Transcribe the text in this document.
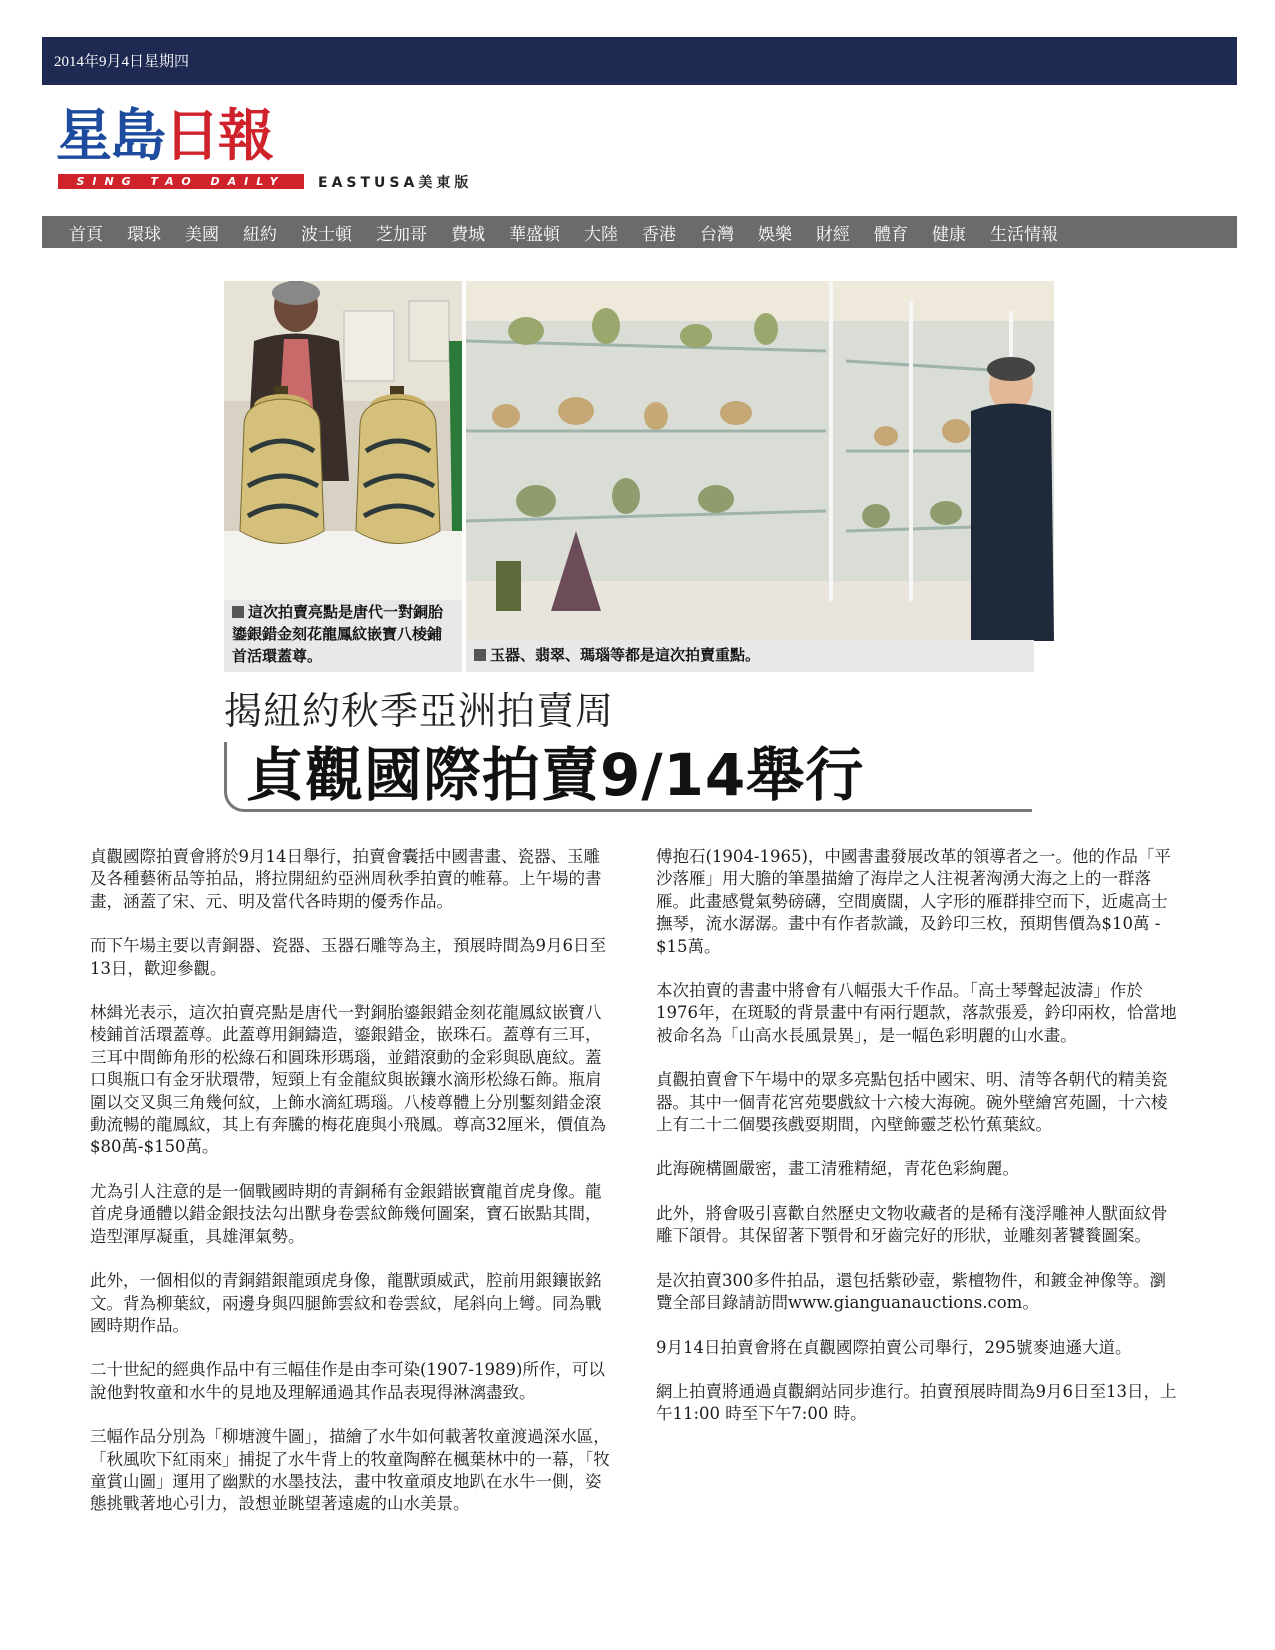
2014年9月4日星期四
星島 日報
SING TAO DAILY	EASTUSA美東版
首頁 環球 美國 紐約 波士頓 芝加哥 費城 華盛頓 大陸 香港 台灣 娛樂 財經 體育 健康 生活情報
這次拍賣亮點是唐代一對銅胎鎏銀錯金刻花龍鳳紋嵌寶八棱鋪首活環蓋尊。	玉器、翡翠、瑪瑙等都是這次拍賣重點。
揭紐約秋季亞洲拍賣周
貞觀國際拍賣9/14舉行

貞觀國際拍賣會將於9月14日舉行，拍賣會囊括中國書畫、瓷器、玉雕及各種藝術品等拍品，將拉開紐約亞洲周秋季拍賣的帷幕。上午場的書畫，涵蓋了宋、元、明及當代各時期的優秀作品。

而下午場主要以青銅器、瓷器、玉器石雕等為主，預展時間為9月6日至13日，歡迎參觀。

林緝光表示，這次拍賣亮點是唐代一對銅胎鎏銀錯金刻花龍鳳紋嵌寶八棱鋪首活環蓋尊。此蓋尊用銅鑄造，鎏銀錯金，嵌珠石。蓋尊有三耳，三耳中間飾角形的松綠石和圓珠形瑪瑙，並錯滾動的金彩與臥鹿紋。蓋口與瓶口有金牙狀環帶，短頸上有金龍紋與嵌鑲水滴形松綠石飾。瓶肩圍以交叉與三角幾何紋，上飾水滴紅瑪瑙。八棱尊體上分別鏨刻錯金滾動流暢的龍鳳紋，其上有奔騰的梅花鹿與小飛鳳。尊高32厘米，價值為$80萬-$150萬。

尤為引人注意的是一個戰國時期的青銅稀有金銀錯嵌寶龍首虎身像。龍首虎身通體以錯金銀技法勾出獸身卷雲紋飾幾何圖案，寶石嵌點其間，造型渾厚凝重，具雄渾氣勢。

此外，一個相似的青銅錯銀龍頭虎身像，龍獸頭威武，腔前用銀鑲嵌銘文。背為柳葉紋，兩邊身與四腿飾雲紋和卷雲紋，尾斜向上彎。同為戰國時期作品。

二十世紀的經典作品中有三幅佳作是由李可染(1907-1989)所作，可以說他對牧童和水牛的見地及理解通過其作品表現得淋漓盡致。

三幅作品分別為「柳塘渡牛圖」，描繪了水牛如何載著牧童渡過深水區，「秋風吹下紅雨來」捕捉了水牛背上的牧童陶醉在楓葉林中的一幕，「牧童賞山圖」運用了幽默的水墨技法，畫中牧童頑皮地趴在水牛一側，姿態挑戰著地心引力，設想並眺望著遠處的山水美景。

傅抱石(1904-1965)，中國書畫發展改革的領導者之一。他的作品「平沙落雁」用大膽的筆墨描繪了海岸之人注視著洶湧大海之上的一群落雁。此畫感覺氣勢磅礴，空間廣闊，人字形的雁群排空而下，近處高士撫琴，流水潺潺。畫中有作者款識，及鈐印三枚，預期售價為$10萬 - $15萬。

本次拍賣的書畫中將會有八幅張大千作品。「高士琴聲起波濤」作於1976年，在斑駁的背景畫中有兩行題款，落款張爰，鈐印兩枚，恰當地被命名為「山高水長風景異」，是一幅色彩明麗的山水畫。

貞觀拍賣會下午場中的眾多亮點包括中國宋、明、清等各朝代的精美瓷器。其中一個青花宮苑嬰戲紋十六棱大海碗。碗外壁繪宮苑圖，十六棱上有二十二個嬰孩戲耍期間，內壁飾靈芝松竹蕉葉紋。

此海碗構圖嚴密，畫工清雅精絕，青花色彩絢麗。

此外，將會吸引喜歡自然歷史文物收藏者的是稀有淺浮雕神人獸面紋骨雕下頜骨。其保留著下顎骨和牙齒完好的形狀，並雕刻著饕餮圖案。

是次拍賣300多件拍品，還包括紫砂壺，紫檀物件，和鍍金神像等。瀏覽全部目錄請訪問www.gianguanauctions.com。

9月14日拍賣會將在貞觀國際拍賣公司舉行，295號麥迪遜大道。

網上拍賣將通過貞觀網站同步進行。拍賣預展時間為9月6日至13日，上午11:00 時至下午7:00 時。
